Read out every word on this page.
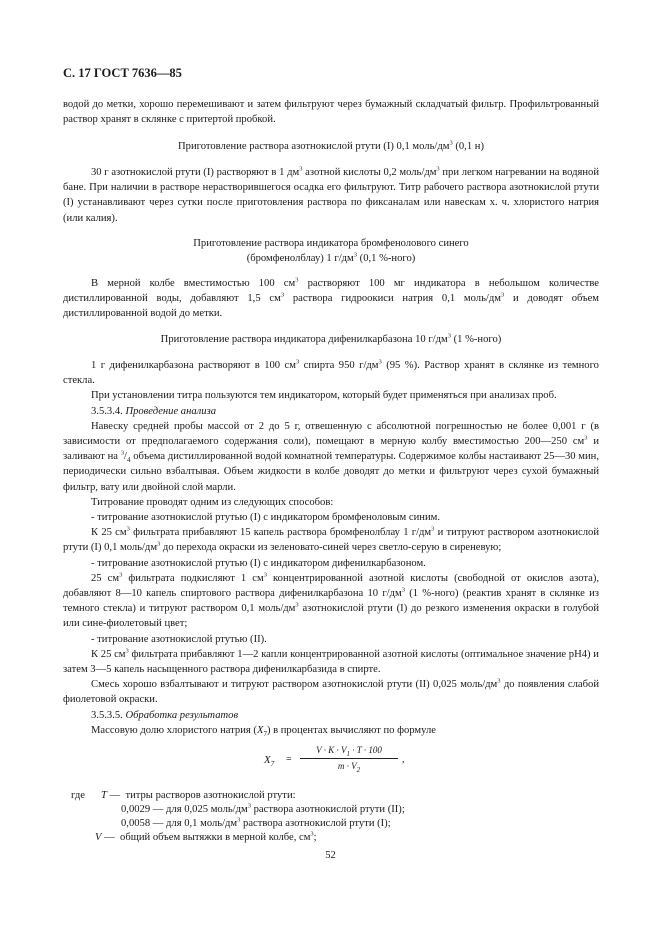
С. 17 ГОСТ 7636—85

водой до метки, хорошо перемешивают и затем фильтруют через бумажный складчатый фильтр. Профильтрованный раствор хранят в склянке с притертой пробкой.

Приготовление раствора азотнокислой ртути (I) 0,1 моль/$дм^3$ (0,1 н)

30 г азотнокислой ртути (I) растворяют в 1 $дм^3$ азотной кислоты 0,2 моль/$дм^3$ при легком нагревании на водяной бане. При наличии в растворе нерастворившегося осадка его фильтруют. Титр рабочего раствора азотнокислой ртути (I) устанавливают через сутки после приготовления раствора по фиксаналам или навескам х. ч. хлористого натрия (или калия).

Приготовление раствора индикатора бромфенолового синего
(бромфенолблау) 1 $г/дм^3$ (0,1 %-ного)

В мерной колбе вместимостью 100 $см^3$ растворяют 100 мг индикатора в небольшом количестве дистиллированной воды, добавляют 1,5 $см^3$ раствора гидроокиси натрия 0,1 моль/$дм^3$ и доводят объем дистиллированной водой до метки.

Приготовление раствора индикатора дифенилкарбазона 10 $г/дм^3$ (1 %-ного)

1 г дифенилкарбазона растворяют в 100 $см^3$ спирта 950 $г/дм^3$ (95 %). Раствор хранят в склянке из темного стекла.

При установлении титра пользуются тем индикатором, который будет применяться при анализах проб.

3.5.3.4. Проведение анализа

Навеску средней пробы массой от 2 до 5 г, отвешенную с абсолютной погрешностью не более 0,001 г (в зависимости от предполагаемого содержания соли), помещают в мерную колбу вместимостью 200—250 $см^3$ и заливают на $^3/_4$ объема дистиллированной водой комнатной температуры. Содержимое колбы настаивают 25—30 мин, периодически сильно взбалтывая. Объем жидкости в колбе доводят до метки и фильтруют через сухой бумажный фильтр, вату или двойной слой марли.

Титрование проводят одним из следующих способов:

- титрование азотнокислой ртутью (I) с индикатором бромфеноловым синим.

К 25 $см^3$ фильтрата прибавляют 15 капель раствора бромфенолблау 1 $г/дм^3$ и титруют раствором азотнокислой ртути (I) 0,1 моль/$дм^3$ до перехода окраски из зеленовато-синей через светло-серую в сиреневую;

- титрование азотнокислой ртутью (I) с индикатором дифенилкарбазоном.

25 $см^3$ фильтрата подкисляют 1 $см^3$ концентрированной азотной кислоты (свободной от окислов азота), добавляют 8—10 капель спиртового раствора дифенилкарбазона 10 $г/дм^3$ (1 %-ного) (реактив хранят в склянке из темного стекла) и титруют раствором 0,1 моль/$дм^3$ азотнокислой ртути (I) до резкого изменения окраски в голубой или сине-фиолетовый цвет;

- титрование азотнокислой ртутью (II).

К 25 $см^3$ фильтрата прибавляют 1—2 капли концентрированной азотной кислоты (оптимальное значение рН4) и затем 3—5 капель насыщенного раствора дифенилкарбазида в спирте.

Смесь хорошо взбалтывают и титруют раствором азотнокислой ртути (II) 0,025 моль/$дм^3$ до появления слабой фиолетовой окраски.

3.5.3.5. Обработка результатов

Массовую долю хлористого натрия $(X_7)$ в процентах вычисляют по формуле

$X_7$ =
$V \cdot K \cdot V_1 \cdot T \cdot 100$
$m \cdot V_2$
,
где T —  титры растворов азотнокислой ртути:
0,0029 — для 0,025 моль/$дм^3$ раствора азотнокислой ртути (II);
0,0058 — для 0,1 моль/$дм^3$ раствора азотнокислой ртути (I);
V —  общий объем вытяжки в мерной колбе, $см^3$;
52
